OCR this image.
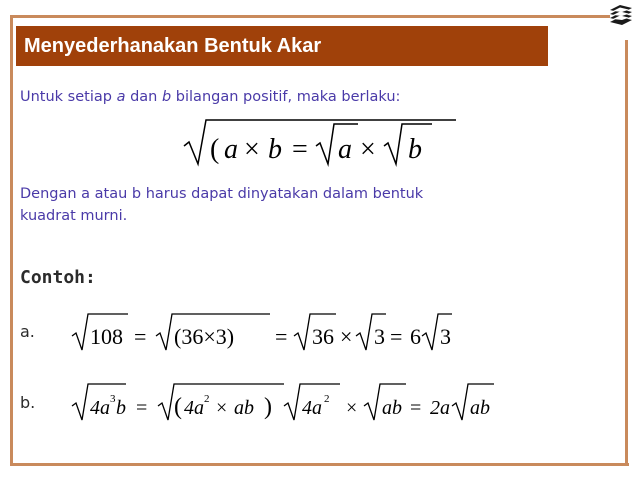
Menyederhanakan Bentuk Akar
Untuk setiap a dan b bilangan positif, maka berlaku:
( a × b = a × b
Dengan a atau b harus dapat dinyatakan dalam bentuk
kuadrat murni.
Contoh:
a.	108 = (36×3) = 36 × 3 = 6 3
b.	4a 3 b = ( 4a 2 × ab ) 4a 2 × ab = 2a ab
